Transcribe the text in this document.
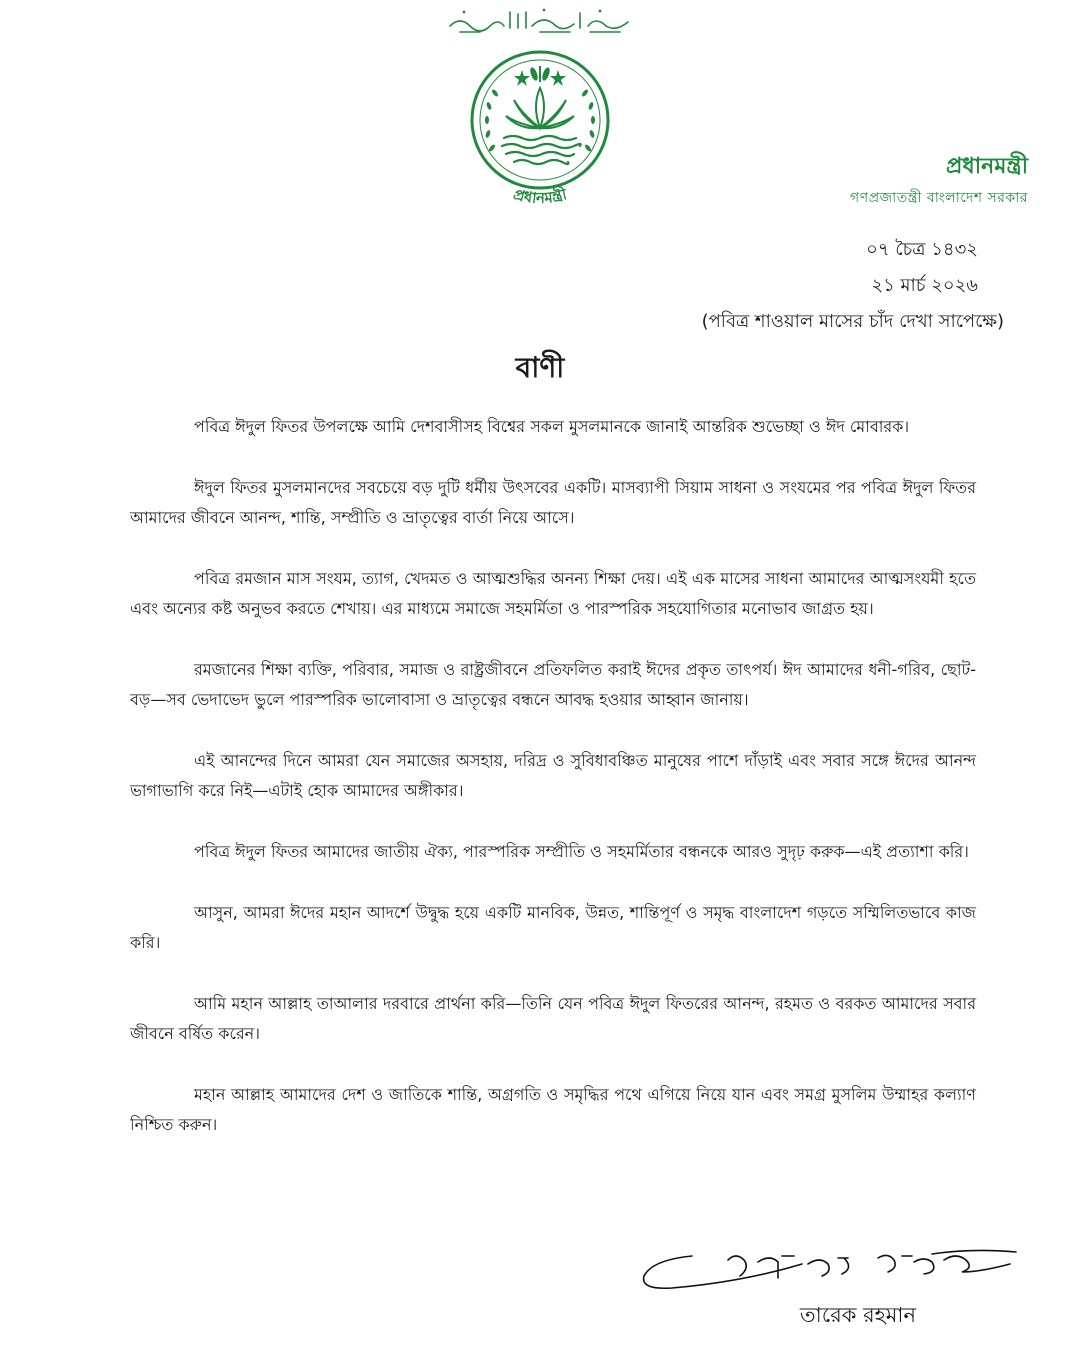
প্রধানমন্ত্রী
প্রধানমন্ত্রী
গণপ্রজাতন্ত্রী বাংলাদেশ সরকার
০৭ চৈত্র ১৪৩২
২১ মার্চ ২০২৬
(পবিত্র শাওয়াল মাসের চাঁদ দেখা সাপেক্ষে)
বাণী

পবিত্র ঈদুল ফিতর উপলক্ষে আমি দেশবাসীসহ বিশ্বের সকল মুসলমানকে জানাই আন্তরিক শুভেচ্ছা ও ঈদ মোবারক।

ঈদুল ফিতর মুসলমানদের সবচেয়ে বড় দুটি ধর্মীয় উৎসবের একটি। মাসব্যাপী সিয়াম সাধনা ও সংযমের পর পবিত্র ঈদুল ফিতর আমাদের জীবনে আনন্দ, শান্তি, সম্প্রীতি ও ভ্রাতৃত্বের বার্তা নিয়ে আসে।

পবিত্র রমজান মাস সংযম, ত্যাগ, খেদমত ও আত্মশুদ্ধির অনন্য শিক্ষা দেয়। এই এক মাসের সাধনা আমাদের আত্মসংযমী হতে এবং অন্যের কষ্ট অনুভব করতে শেখায়। এর মাধ্যমে সমাজে সহমর্মিতা ও পারস্পরিক সহযোগিতার মনোভাব জাগ্রত হয়।

রমজানের শিক্ষা ব্যক্তি, পরিবার, সমাজ ও রাষ্ট্রজীবনে প্রতিফলিত করাই ঈদের প্রকৃত তাৎপর্য। ঈদ আমাদের ধনী-গরিব, ছোট-বড়—সব ভেদাভেদ ভুলে পারস্পরিক ভালোবাসা ও ভ্রাতৃত্বের বন্ধনে আবদ্ধ হওয়ার আহ্বান জানায়।

এই আনন্দের দিনে আমরা যেন সমাজের অসহায়, দরিদ্র ও সুবিধাবঞ্চিত মানুষের পাশে দাঁড়াই এবং সবার সঙ্গে ঈদের আনন্দ ভাগাভাগি করে নিই—এটাই হোক আমাদের অঙ্গীকার।

পবিত্র ঈদুল ফিতর আমাদের জাতীয় ঐক্য, পারস্পরিক সম্প্রীতি ও সহমর্মিতার বন্ধনকে আরও সুদৃঢ় করুক—এই প্রত্যাশা করি।

আসুন, আমরা ঈদের মহান আদর্শে উদ্বুদ্ধ হয়ে একটি মানবিক, উন্নত, শান্তিপূর্ণ ও সমৃদ্ধ বাংলাদেশ গড়তে সম্মিলিতভাবে কাজ করি।

আমি মহান আল্লাহ তাআলার দরবারে প্রার্থনা করি—তিনি যেন পবিত্র ঈদুল ফিতরের আনন্দ, রহমত ও বরকত আমাদের সবার জীবনে বর্ষিত করেন।

মহান আল্লাহ আমাদের দেশ ও জাতিকে শান্তি, অগ্রগতি ও সমৃদ্ধির পথে এগিয়ে নিয়ে যান এবং সমগ্র মুসলিম উম্মাহর কল্যাণ নিশ্চিত করুন।

তারেক রহমান
